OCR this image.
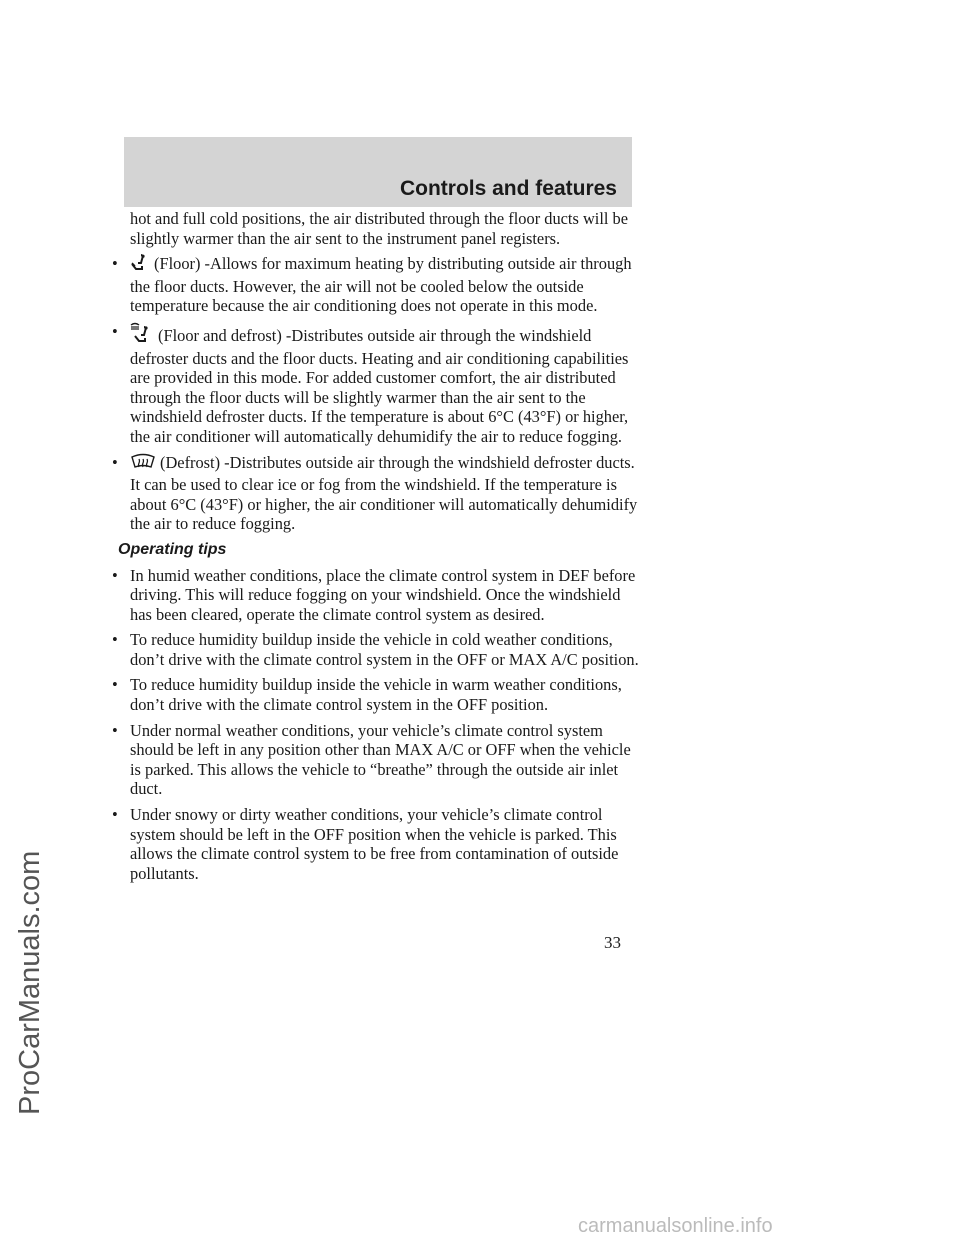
Controls and features
ProCarManuals.com

hot and full cold positions, the air distributed through the floor ducts will be slightly warmer than the air sent to the instrument panel registers.

• (Floor) -Allows for maximum heating by distributing outside air through the floor ducts. However, the air will not be cooled below the outside temperature because the air conditioning does not operate in this mode.
• (Floor and defrost) -Distributes outside air through the windshield defroster ducts and the floor ducts. Heating and air conditioning capabilities are provided in this mode. For added customer comfort, the air distributed through the floor ducts will be slightly warmer than the air sent to the windshield defroster ducts. If the temperature is about 6°C (43°F) or higher, the air conditioner will automatically dehumidify the air to reduce fogging.
•	(Defrost) -Distributes outside air through the windshield defroster ducts. It can be used to clear ice or fog from the windshield. If the temperature is about 6°C (43°F) or higher, the air conditioner will automatically dehumidify the air to reduce fogging.
Operating tips
• In humid weather conditions, place the climate control system in DEF before driving. This will reduce fogging on your windshield. Once the windshield has been cleared, operate the climate control system as desired.
• To reduce humidity buildup inside the vehicle in cold weather conditions, don’t drive with the climate control system in the OFF or MAX A/C position.
• To reduce humidity buildup inside the vehicle in warm weather conditions, don’t drive with the climate control system in the OFF position.
• Under normal weather conditions, your vehicle’s climate control system should be left in any position other than MAX A/C or OFF when the vehicle is parked. This allows the vehicle to “breathe” through the outside air inlet duct.
• Under snowy or dirty weather conditions, your vehicle’s climate control system should be left in the OFF position when the vehicle is parked. This allows the climate control system to be free from contamination of outside pollutants.
33
carmanualsonline.info
